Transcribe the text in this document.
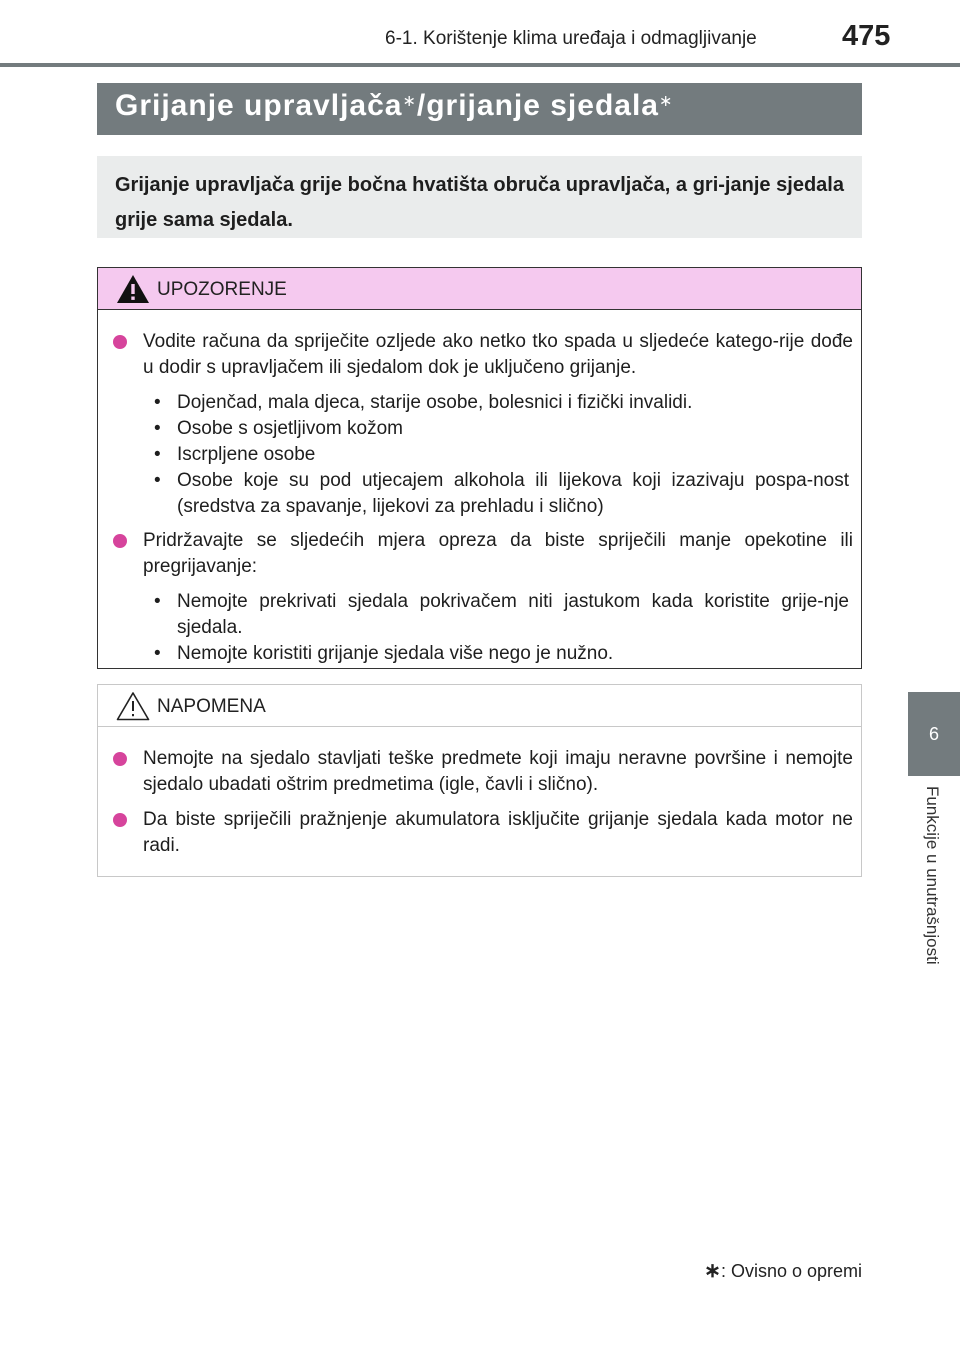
6-1. Korištenje klima uređaja i odmagljivanje	475
6
Funkcije u unutrašnjosti
Grijanje upravljača∗/grijanje sjedala∗
Grijanje upravljača grije bočna hvatišta obruča upravljača, a gri-janje sjedala grije sama sjedala.
UPOZORENJE
Vodite računa da spriječite ozljede ako netko tko spada u sljedeće katego-rije dođe u dodir s upravljačem ili sjedalom dok je uključeno grijanje.
• Dojenčad, mala djeca, starije osobe, bolesnici i fizički invalidi.
• Osobe s osjetljivom kožom
• Iscrpljene osobe
• Osobe koje su pod utjecajem alkohola ili lijekova koji izazivaju pospa-nost (sredstva za spavanje, lijekovi za prehladu i slično)
Pridržavajte se sljedećih mjera opreza da biste spriječili manje opekotine ili pregrijavanje:
• Nemojte prekrivati sjedala pokrivačem niti jastukom kada koristite grije-nje sjedala.
• Nemojte koristiti grijanje sjedala više nego je nužno.
NAPOMENA
Nemojte na sjedalo stavljati teške predmete koji imaju neravne površine i nemojte sjedalo ubadati oštrim predmetima (igle, čavli i slično).
Da biste spriječili pražnjenje akumulatora isključite grijanje sjedala kada motor ne radi.
∗: Ovisno o opremi
